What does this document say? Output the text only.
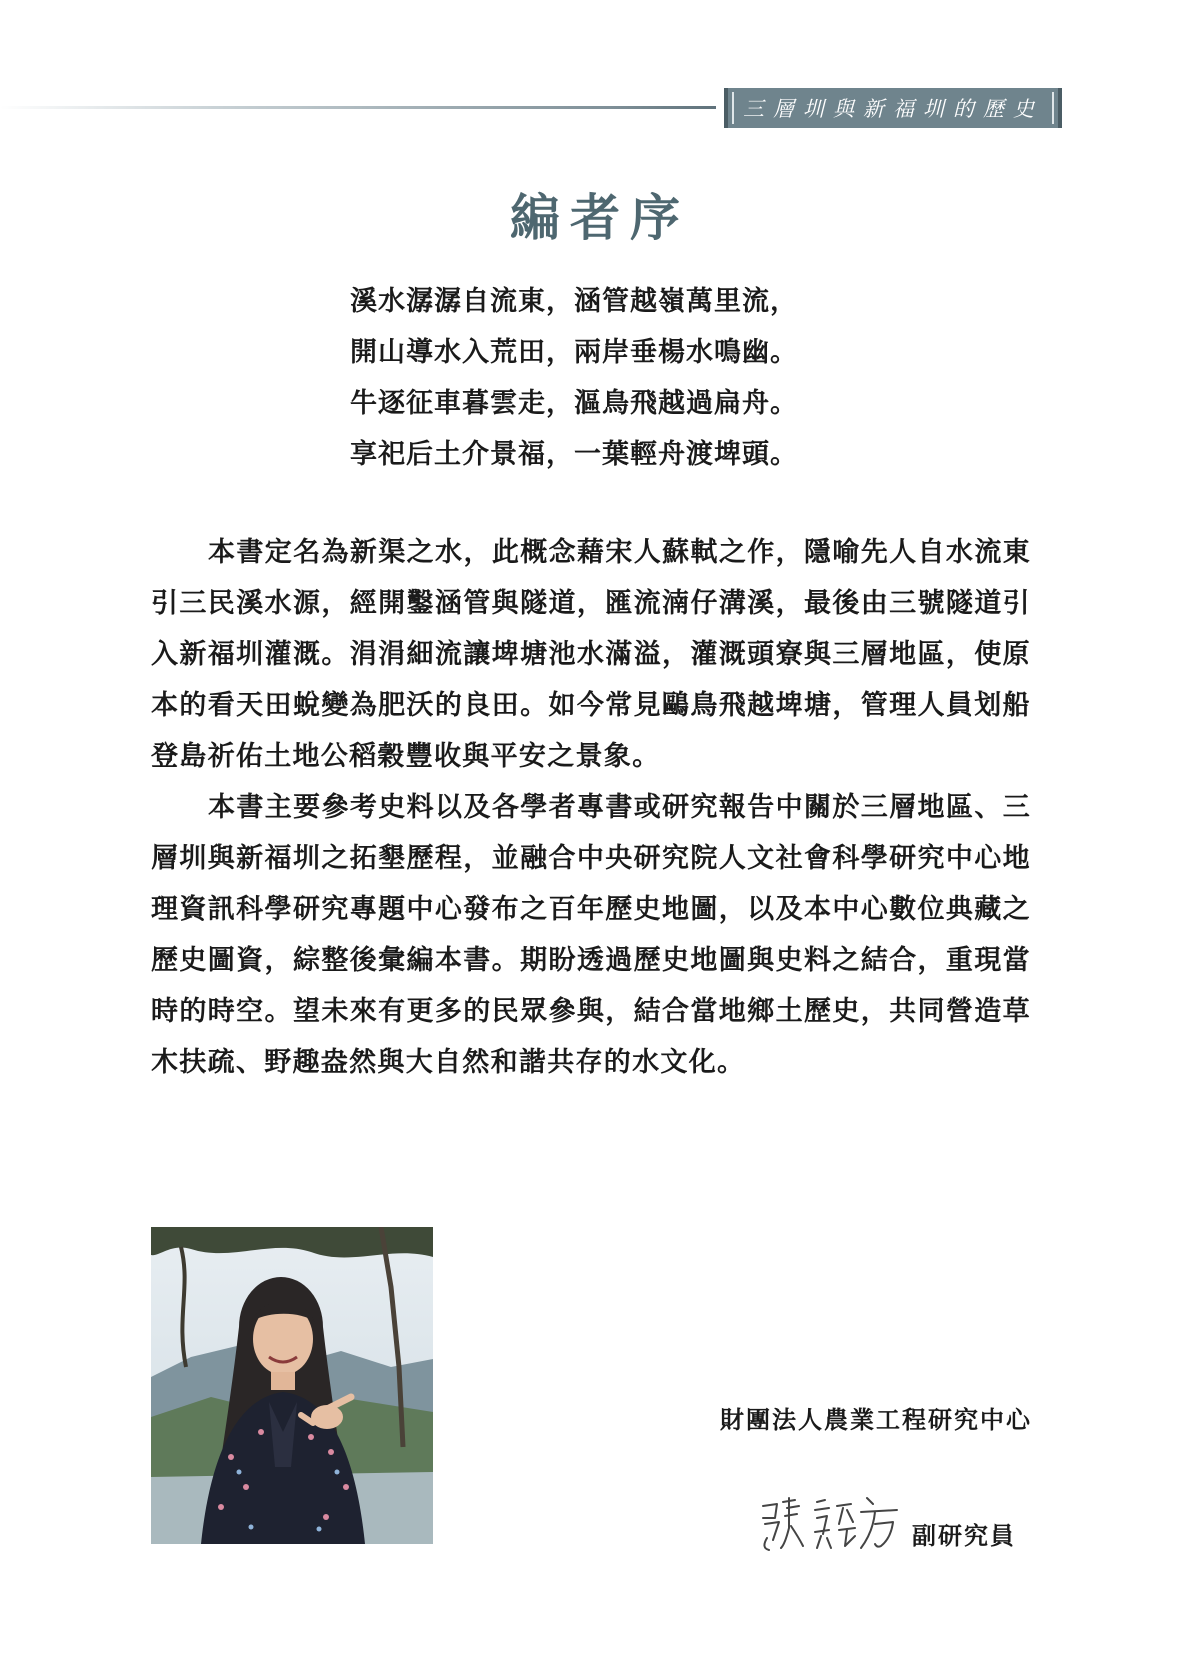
三層圳與新福圳的歷史
編者序
溪水潺潺自流東，涵管越嶺萬里流，
開山導水入荒田，兩岸垂楊水鳴幽。
牛逐征車暮雲走，漚鳥飛越過扁舟。
享祀后土介景福，一葉輕舟渡埤頭。

本書定名為新渠之水，此概念藉宋人蘇軾之作，隱喻先人自水流東引三民溪水源，經開鑿涵管與隧道，匯流湳仔溝溪，最後由三號隧道引入新福圳灌溉。涓涓細流讓埤塘池水滿溢，灌溉頭寮與三層地區，使原本的看天田蛻變為肥沃的良田。如今常見鷗鳥飛越埤塘，管理人員划船登島祈佑土地公稻穀豐收與平安之景象。

本書主要參考史料以及各學者專書或研究報告中關於三層地區、三層圳與新福圳之拓墾歷程，並融合中央研究院人文社會科學研究中心地理資訊科學研究專題中心發布之百年歷史地圖，以及本中心數位典藏之歷史圖資，綜整後彙編本書。期盼透過歷史地圖與史料之結合，重現當時的時空。望未來有更多的民眾參與，結合當地鄉土歷史，共同營造草木扶疏、野趣盎然與大自然和諧共存的水文化。

財團法人農業工程研究中心
副研究員
